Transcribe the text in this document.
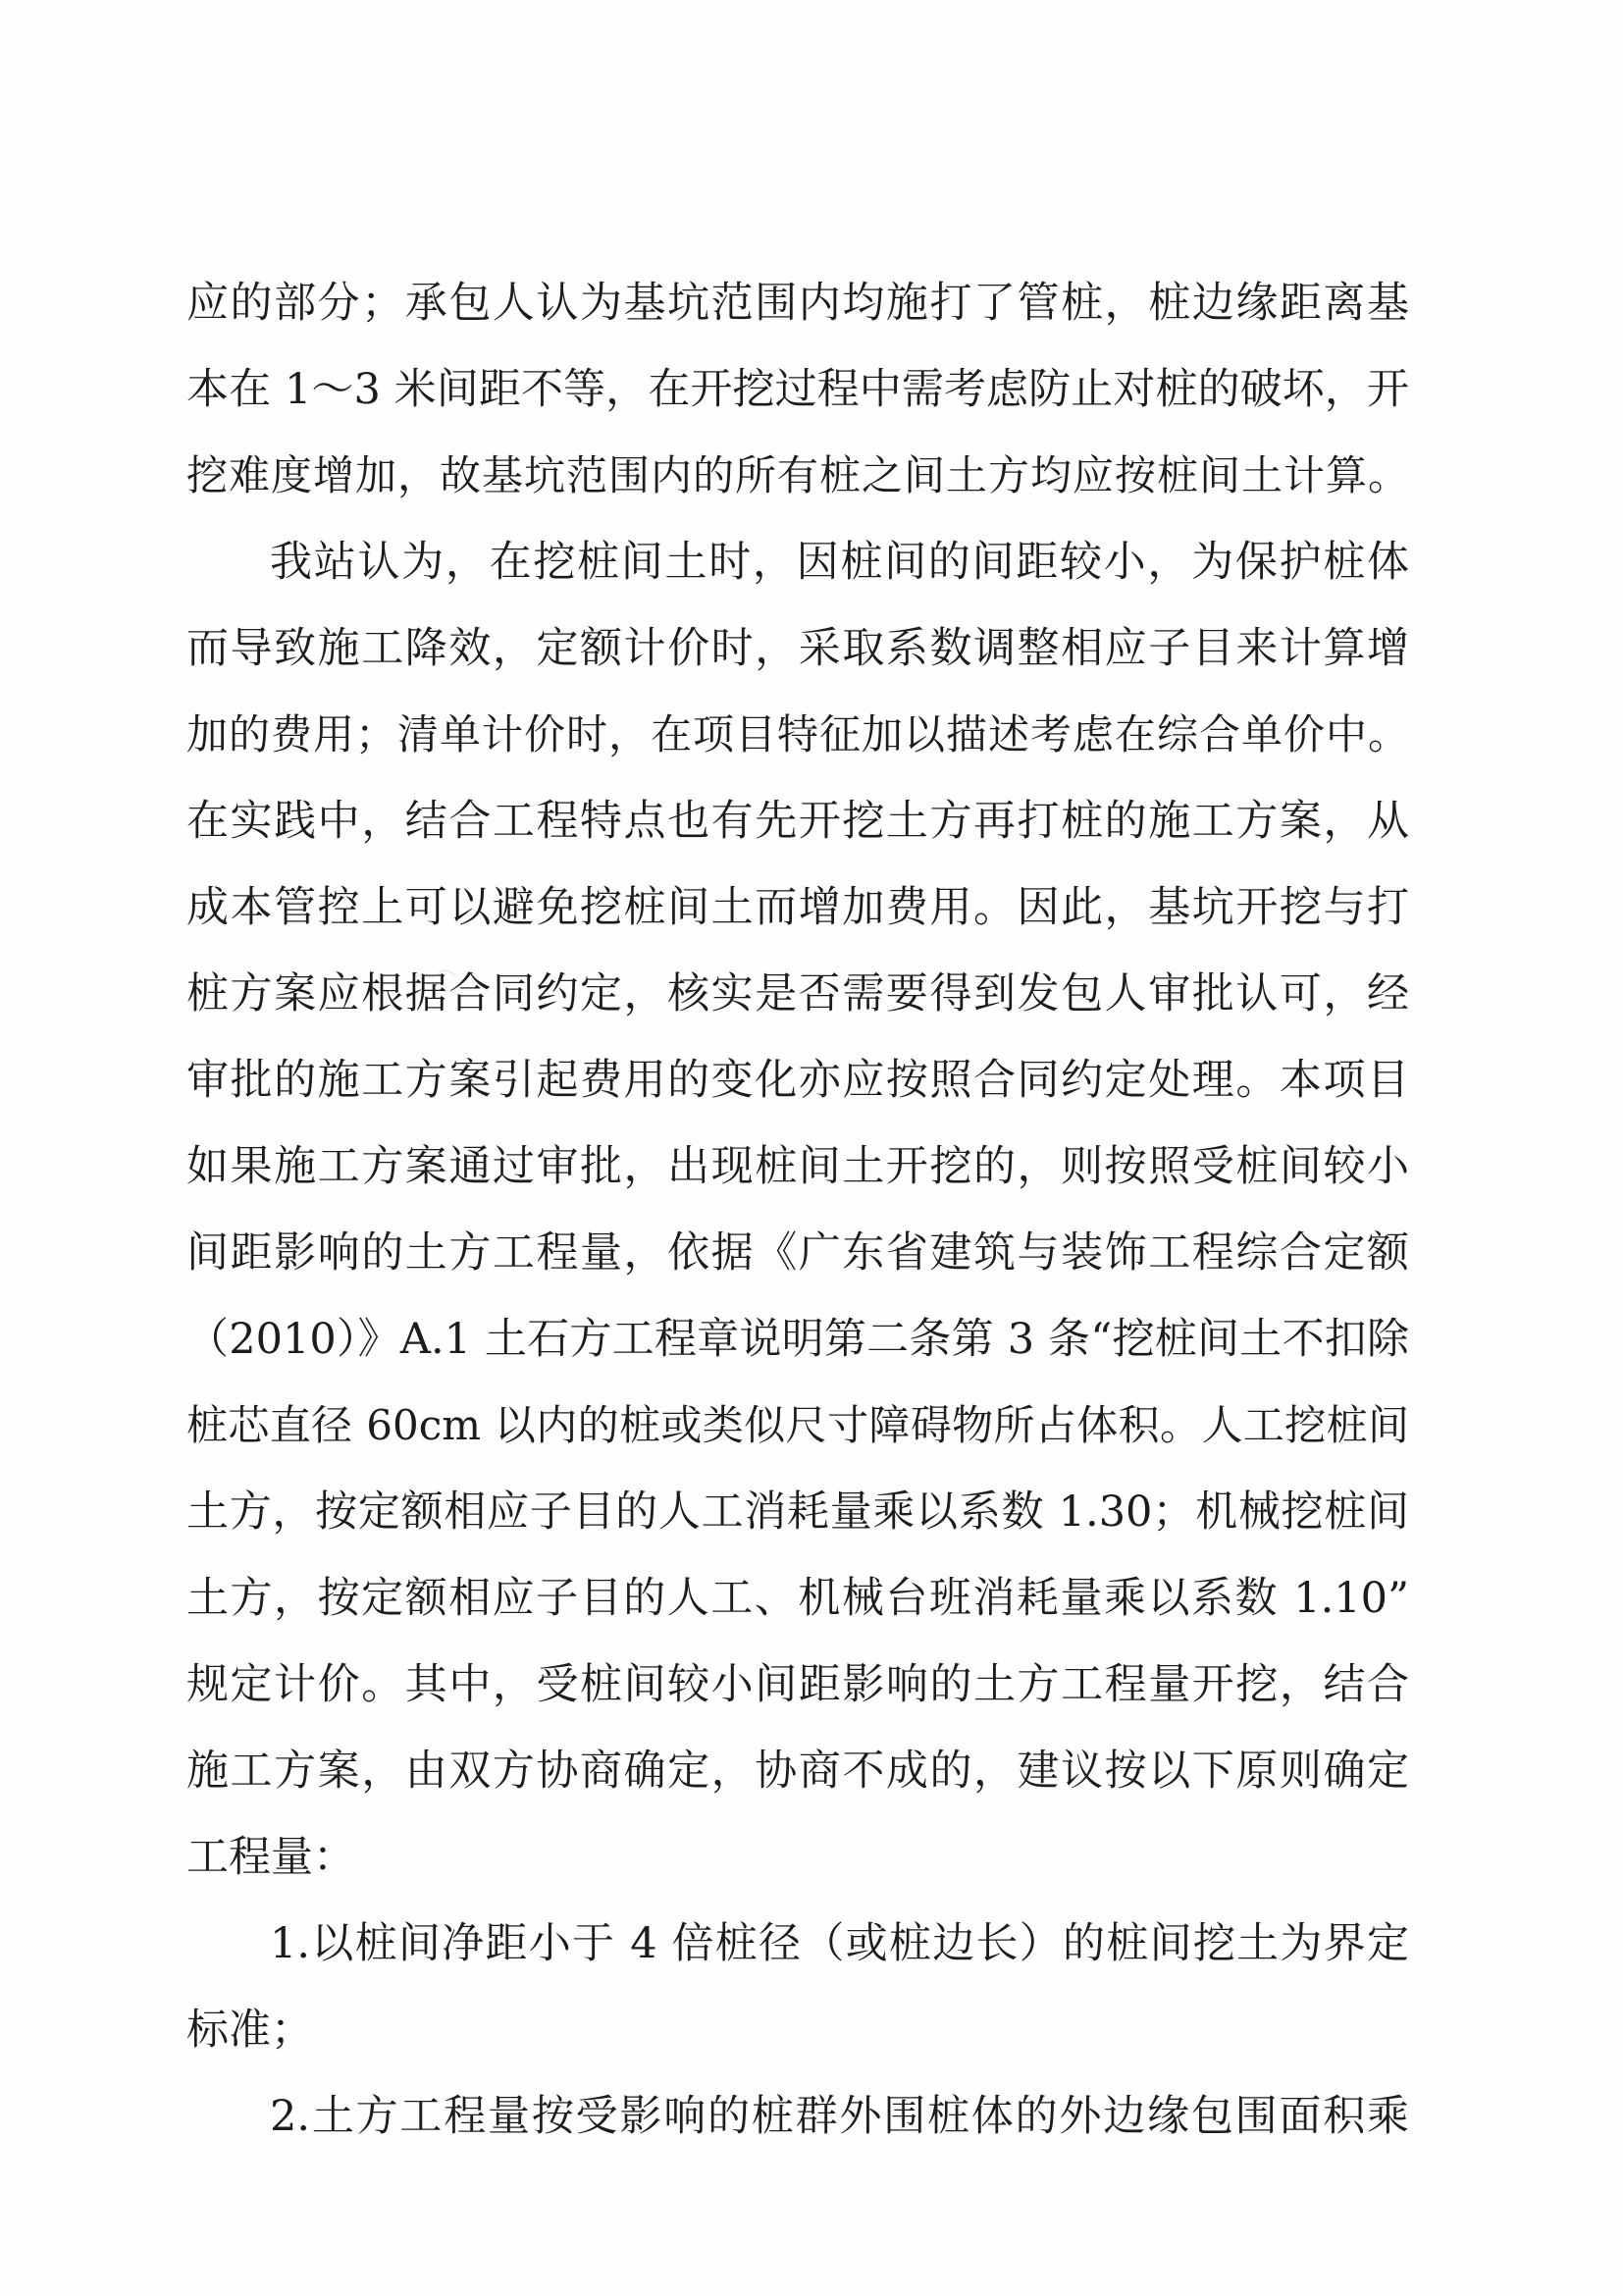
应的部分；承包人认为基坑范围内均施打了管桩，桩边缘距离基
本在 1～3 米间距不等，在开挖过程中需考虑防止对桩的破坏，开
挖难度增加，故基坑范围内的所有桩之间土方均应按桩间土计算。
我站认为，在挖桩间土时，因桩间的间距较小，为保护桩体
而导致施工降效，定额计价时，采取系数调整相应子目来计算增
加的费用；清单计价时，在项目特征加以描述考虑在综合单价中。
在实践中，结合工程特点也有先开挖土方再打桩的施工方案，从
成本管控上可以避免挖桩间土而增加费用。因此，基坑开挖与打
桩方案应根据合同约定，核实是否需要得到发包人审批认可，经
审批的施工方案引起费用的变化亦应按照合同约定处理。本项目
如果施工方案通过审批，出现桩间土开挖的，则按照受桩间较小
间距影响的土方工程量，依据《广东省建筑与装饰工程综合定额
（2010）》A.1 土石方工程章说明第二条第 3 条“挖桩间土不扣除
桩芯直径 60cm 以内的桩或类似尺寸障碍物所占体积。人工挖桩间
土方，按定额相应子目的人工消耗量乘以系数 1.30；机械挖桩间
土方，按定额相应子目的人工、机械台班消耗量乘以系数 1.10”
规定计价。其中，受桩间较小间距影响的土方工程量开挖，结合
施工方案，由双方协商确定，协商不成的，建议按以下原则确定
工程量：
1.以桩间净距小于 4 倍桩径（或桩边长）的桩间挖土为界定
标准；
2.土方工程量按受影响的桩群外围桩体的外边缘包围面积乘
